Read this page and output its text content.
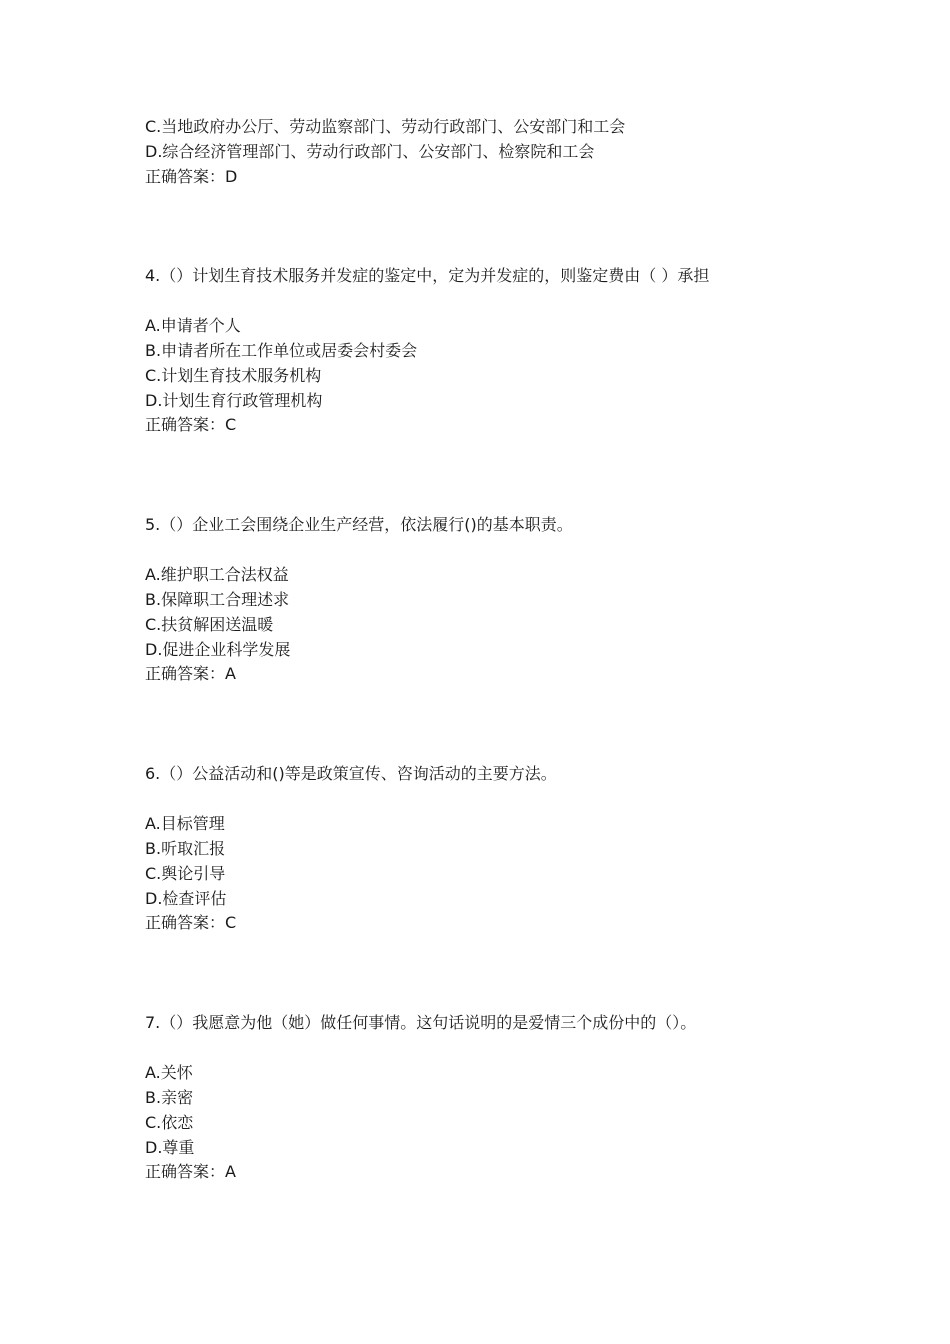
C.当地政府办公厅、劳动监察部门、劳动行政部门、公安部门和工会
D.综合经济管理部门、劳动行政部门、公安部门、检察院和工会
正确答案：D
4.（）计划生育技术服务并发症的鉴定中，定为并发症的，则鉴定费由（ ）承担
A.申请者个人
B.申请者所在工作单位或居委会村委会
C.计划生育技术服务机构
D.计划生育行政管理机构
正确答案：C
5.（）企业工会围绕企业生产经营，依法履行()的基本职责。
A.维护职工合法权益
B.保障职工合理述求
C.扶贫解困送温暖
D.促进企业科学发展
正确答案：A
6.（）公益活动和()等是政策宣传、咨询活动的主要方法。
A.目标管理
B.听取汇报
C.舆论引导
D.检查评估
正确答案：C
7.（）我愿意为他（她）做任何事情。这句话说明的是爱情三个成份中的（）。
A.关怀
B.亲密
C.依恋
D.尊重
正确答案：A
